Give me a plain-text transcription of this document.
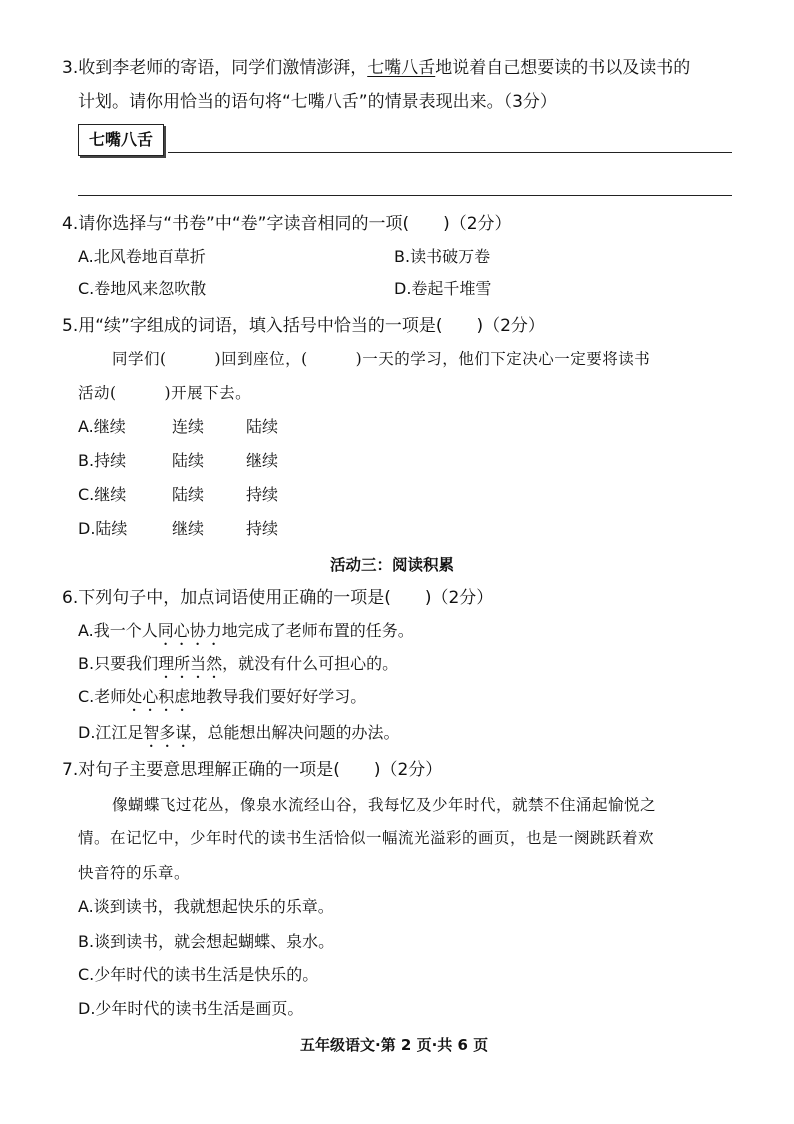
3.收到李老师的寄语，同学们激情澎湃，七嘴八舌地说着自己想要读的书以及读书的
计划。请你用恰当的语句将“七嘴八舌”的情景表现出来。（3分）
七嘴八舌
4.请你选择与“书卷”中“卷”字读音相同的一项(　　)（2分）
A.北风卷地百草折	B.读书破万卷
C.卷地风来忽吹散	D.卷起千堆雪
5.用“续”字组成的词语，填入括号中恰当的一项是(　　)（2分）
同学们(　　　)回到座位，(　　　)一天的学习，他们下定决心一定要将读书
活动(　　　)开展下去。
A.继续	连续	陆续
B.持续	陆续	继续
C.继续	陆续	持续
D.陆续	继续	持续
活动三：阅读积累
6.下列句子中，加点词语使用正确的一项是(　　)（2分）
A.我一个人同心协力地完成了老师布置的任务。
B.只要我们理所当然，就没有什么可担心的。
C.老师处心积虑地教导我们要好好学习。
D.江江足智多谋，总能想出解决问题的办法。
7.对句子主要意思理解正确的一项是(　　)（2分）
像蝴蝶飞过花丛，像泉水流经山谷，我每忆及少年时代，就禁不住涌起愉悦之
情。在记忆中，少年时代的读书生活恰似一幅流光溢彩的画页，也是一阕跳跃着欢
快音符的乐章。
A.谈到读书，我就想起快乐的乐章。
B.谈到读书，就会想起蝴蝶、泉水。
C.少年时代的读书生活是快乐的。
D.少年时代的读书生活是画页。
五年级语文·第 2 页·共 6 页
